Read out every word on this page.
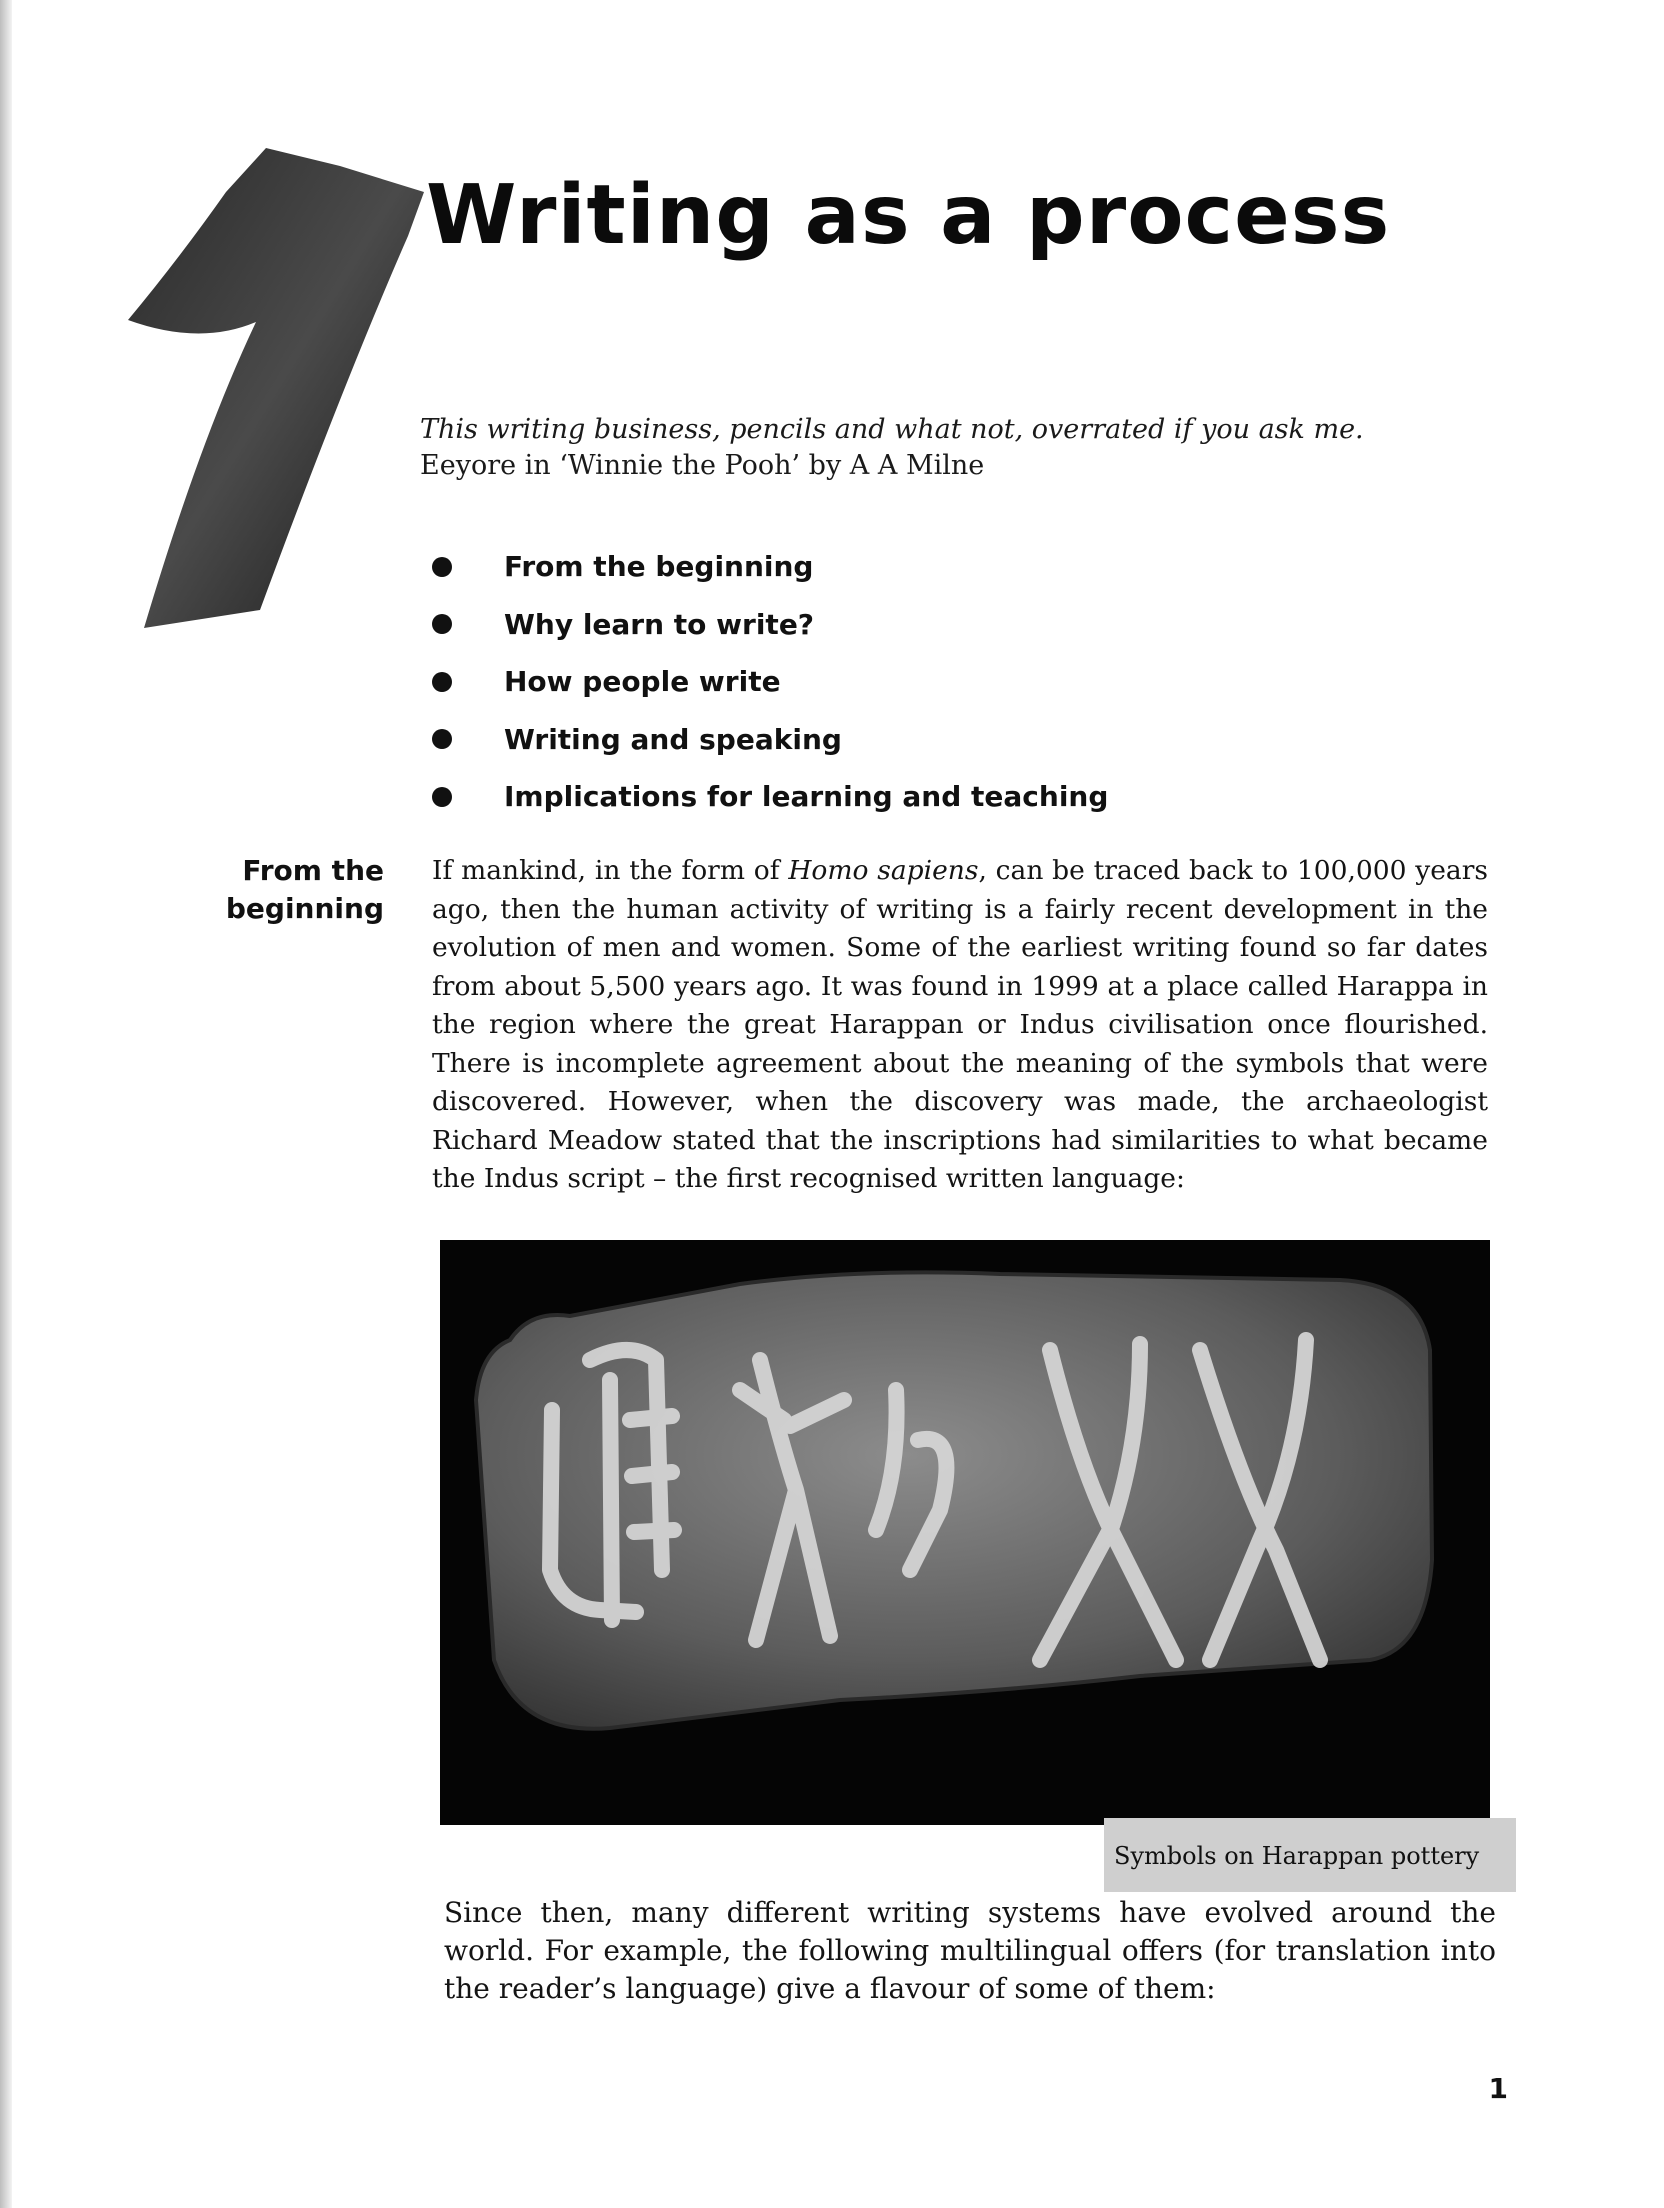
Writing as a process
This writing business, pencils and what not, overrated if you ask me.
Eeyore in ‘Winnie the Pooh’ by A A Milne
From the beginning
Why learn to write?
How people write
Writing and speaking
Implications for learning and teaching
From the
beginning

If mankind, in the form of Homo sapiens, can be traced back to 100,000 years ago, then the human activity of writing is a fairly recent development in the evolution of men and women. Some of the earliest writing found so far dates from about 5,500 years ago. It was found in 1999 at a place called Harappa in the region where the great Harappan or Indus civilisation once flourished. There is incomplete agreement about the meaning of the symbols that were discovered. However, when the discovery was made, the archaeologist Richard Meadow stated that the inscriptions had similarities to what became the Indus script – the first recognised written language:

Symbols on Harappan pottery

Since then, many different writing systems have evolved around the world. For example, the following multilingual offers (for translation into the reader’s language) give a flavour of some of them:

1
